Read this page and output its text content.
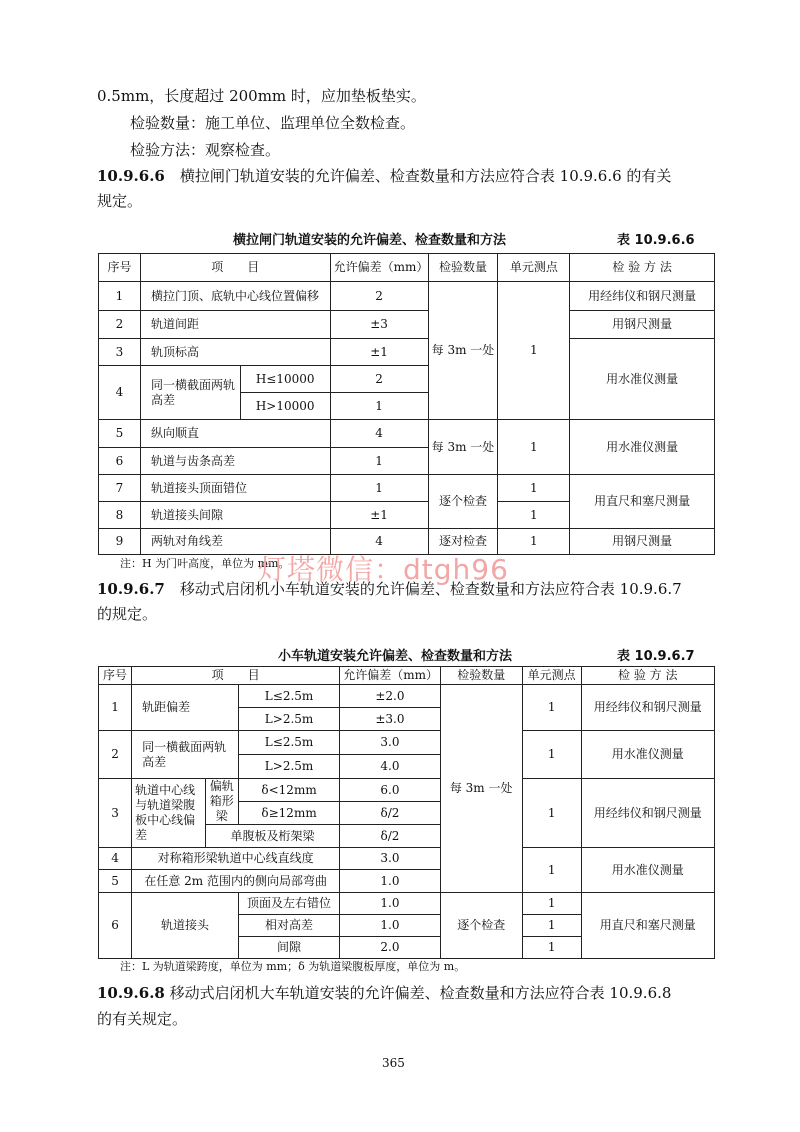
0.5mm，长度超过 200mm 时，应加垫板垫实。
检验数量：施工单位、监理单位全数检查。
检验方法：观察检查。
10.9.6.6　 横拉闸门轨道安装的允许偏差、检查数量和方法应符合表 10.9.6.6 的有关
规定。
横拉闸门轨道安装的允许偏差、检查数量和方法	表 10.9.6.6
序号	项　　目		允许偏差（mm）	检验数量	单元测点	检 验 方 法
1	横拉门顶、底轨中心线位置偏移		2	每 3m 一处	1	用经纬仪和钢尺测量
2	轨道间距		±3			用钢尺测量
3	轨顶标高		±1			用水准仪测量
4	同一横截面两轨高差	H≤10000	2			
		H>10000	1			
5	纵向顺直		4	每 3m 一处	1	用水准仪测量
6	轨道与齿条高差		1			
7	轨道接头顶面错位		1	逐个检查	1	用直尺和塞尺测量
8	轨道接头间隙		±1		1	
9	两轨对角线差		4	逐对检查	1	用钢尺测量
注：H 为门叶高度，单位为 mm。
灯塔微信：dtgh96
10.9.6.7　 移动式启闭机小车轨道安装的允许偏差、检查数量和方法应符合表 10.9.6.7
的规定。
小车轨道安装允许偏差、检查数量和方法	表 10.9.6.7
序号	项　　目			允许偏差（mm）	检验数量	单元测点	检 验 方 法
1	轨距偏差		L≤2.5m	±2.0	每 3m 一处	1	用经纬仪和钢尺测量
			L>2.5m	±3.0			
2	同一横截面两轨高差		L≤2.5m	3.0		1	用水准仪测量
			L>2.5m	4.0			
3	轨道中心线与轨道梁腹板中心线偏差	偏轨箱形梁	δ<12mm	6.0		1	用经纬仪和钢尺测量
			δ≥12mm	δ/2			
		单腹板及桁架梁		δ/2			
4	对称箱形梁轨道中心线直线度			3.0		1	用水准仪测量
5	在任意 2m 范围内的侧向局部弯曲			1.0			
6	轨道接头		顶面及左右错位	1.0	逐个检查	1	用直尺和塞尺测量
			相对高差	1.0		1	
			间隙	2.0		1	
注：L 为轨道梁跨度，单位为 mm；δ 为轨道梁腹板厚度，单位为 m。
10.9.6.8 移动式启闭机大车轨道安装的允许偏差、检查数量和方法应符合表 10.9.6.8
的有关规定。
365
